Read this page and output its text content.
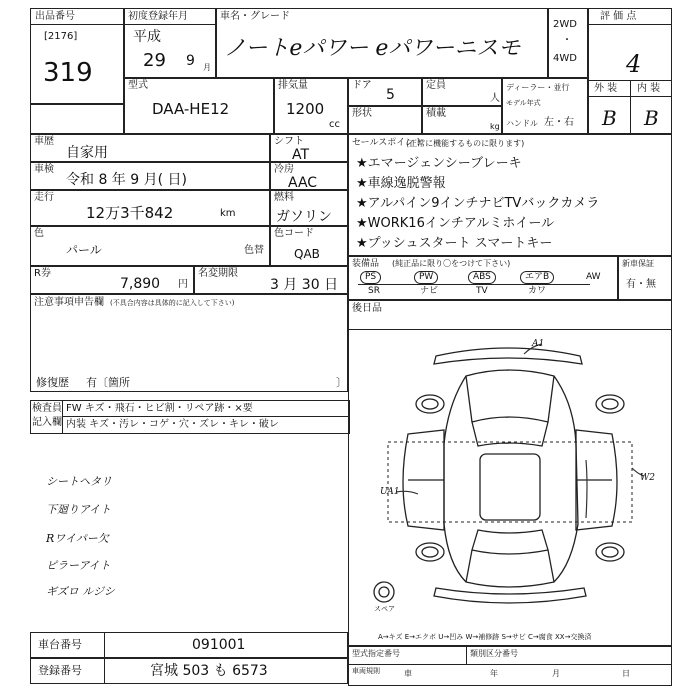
出品番号
[2176]
319
初度登録年月
平成
29 9 月
車名・グレード
ノートeパワー eパワーニスモ
2WD
・
4WD
評 価 点
4
外 装 内 装
B B
型式
DAA-HE12
排気量
1200
cc
ドア
5
形状
定員
人
積載
kg
ディーラー・並行
モデル年式
ハンドル 左・右
車歴
自家用
シフト
AT
車検
令和 8 年 9 月( 日)
冷房
AAC
走行
12万3千842	km
燃料
ガソリン
色
パール	色替
色コード
QAB
R券
7,890 円
名変期限
3 月 30 日
注意事項申告欄 (不具合内容は具体的に記入して下さい)
修復歴 有〔箇所	〕
セールスポイント
(正常に機能するものに限ります)
★エマージェンシーブレーキ
★車線逸脱警報
★アルパイン9インチナビTVバックカメラ
★WORK16インチアルミホイール
★プッシュスタート スマートキー
装備品 (純正品に限り〇をつけて下さい)
PS	PW	ABS	エアB	AW
SR	ナビ	TV	カワ
新車保証
有・無
後日品
検査員
記入欄
FW キズ・飛石・ヒビ割・リペア跡・×要
内装 キズ・汚レ・コゲ・穴・ズレ・キレ・破レ
シートヘタリ
下廻りアイト
Rワイパー欠
ピラーアイト
ギズロ ルジシ
A1
W2
UA1
スペア
A→キズ E→エクボ U→凹み W→補修跡 S→サビ C→腐食 XX→交換済
車台番号	091001
登録番号	宮城 503 も 6573
型式指定番号	類別区分番号
車両規則	車	年	月	日
